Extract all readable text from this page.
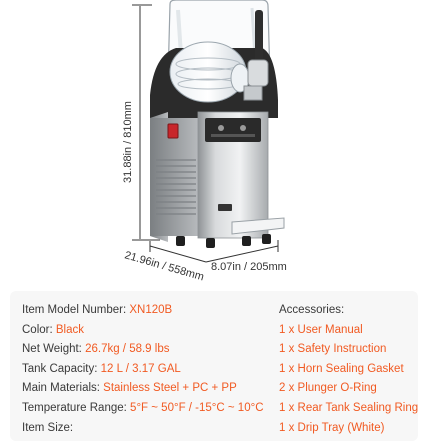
31.88in / 810mm
21.96in / 558mm 8.07in / 205mm
Item Model Number: XN120B
Color: Black
Net Weight: 26.7kg / 58.9 lbs
Tank Capacity: 12 L / 3.17 GAL
Main Materials: Stainless Steel + PC + PP
Temperature Range: 5°F ~ 50°F / -15°C ~ 10°C
Item Size:
Accessories:
1 x User Manual
1 x Safety Instruction
1 x Horn Sealing Gasket
2 x Plunger O-Ring
1 x Rear Tank Sealing Ring
1 x Drip Tray (White)
